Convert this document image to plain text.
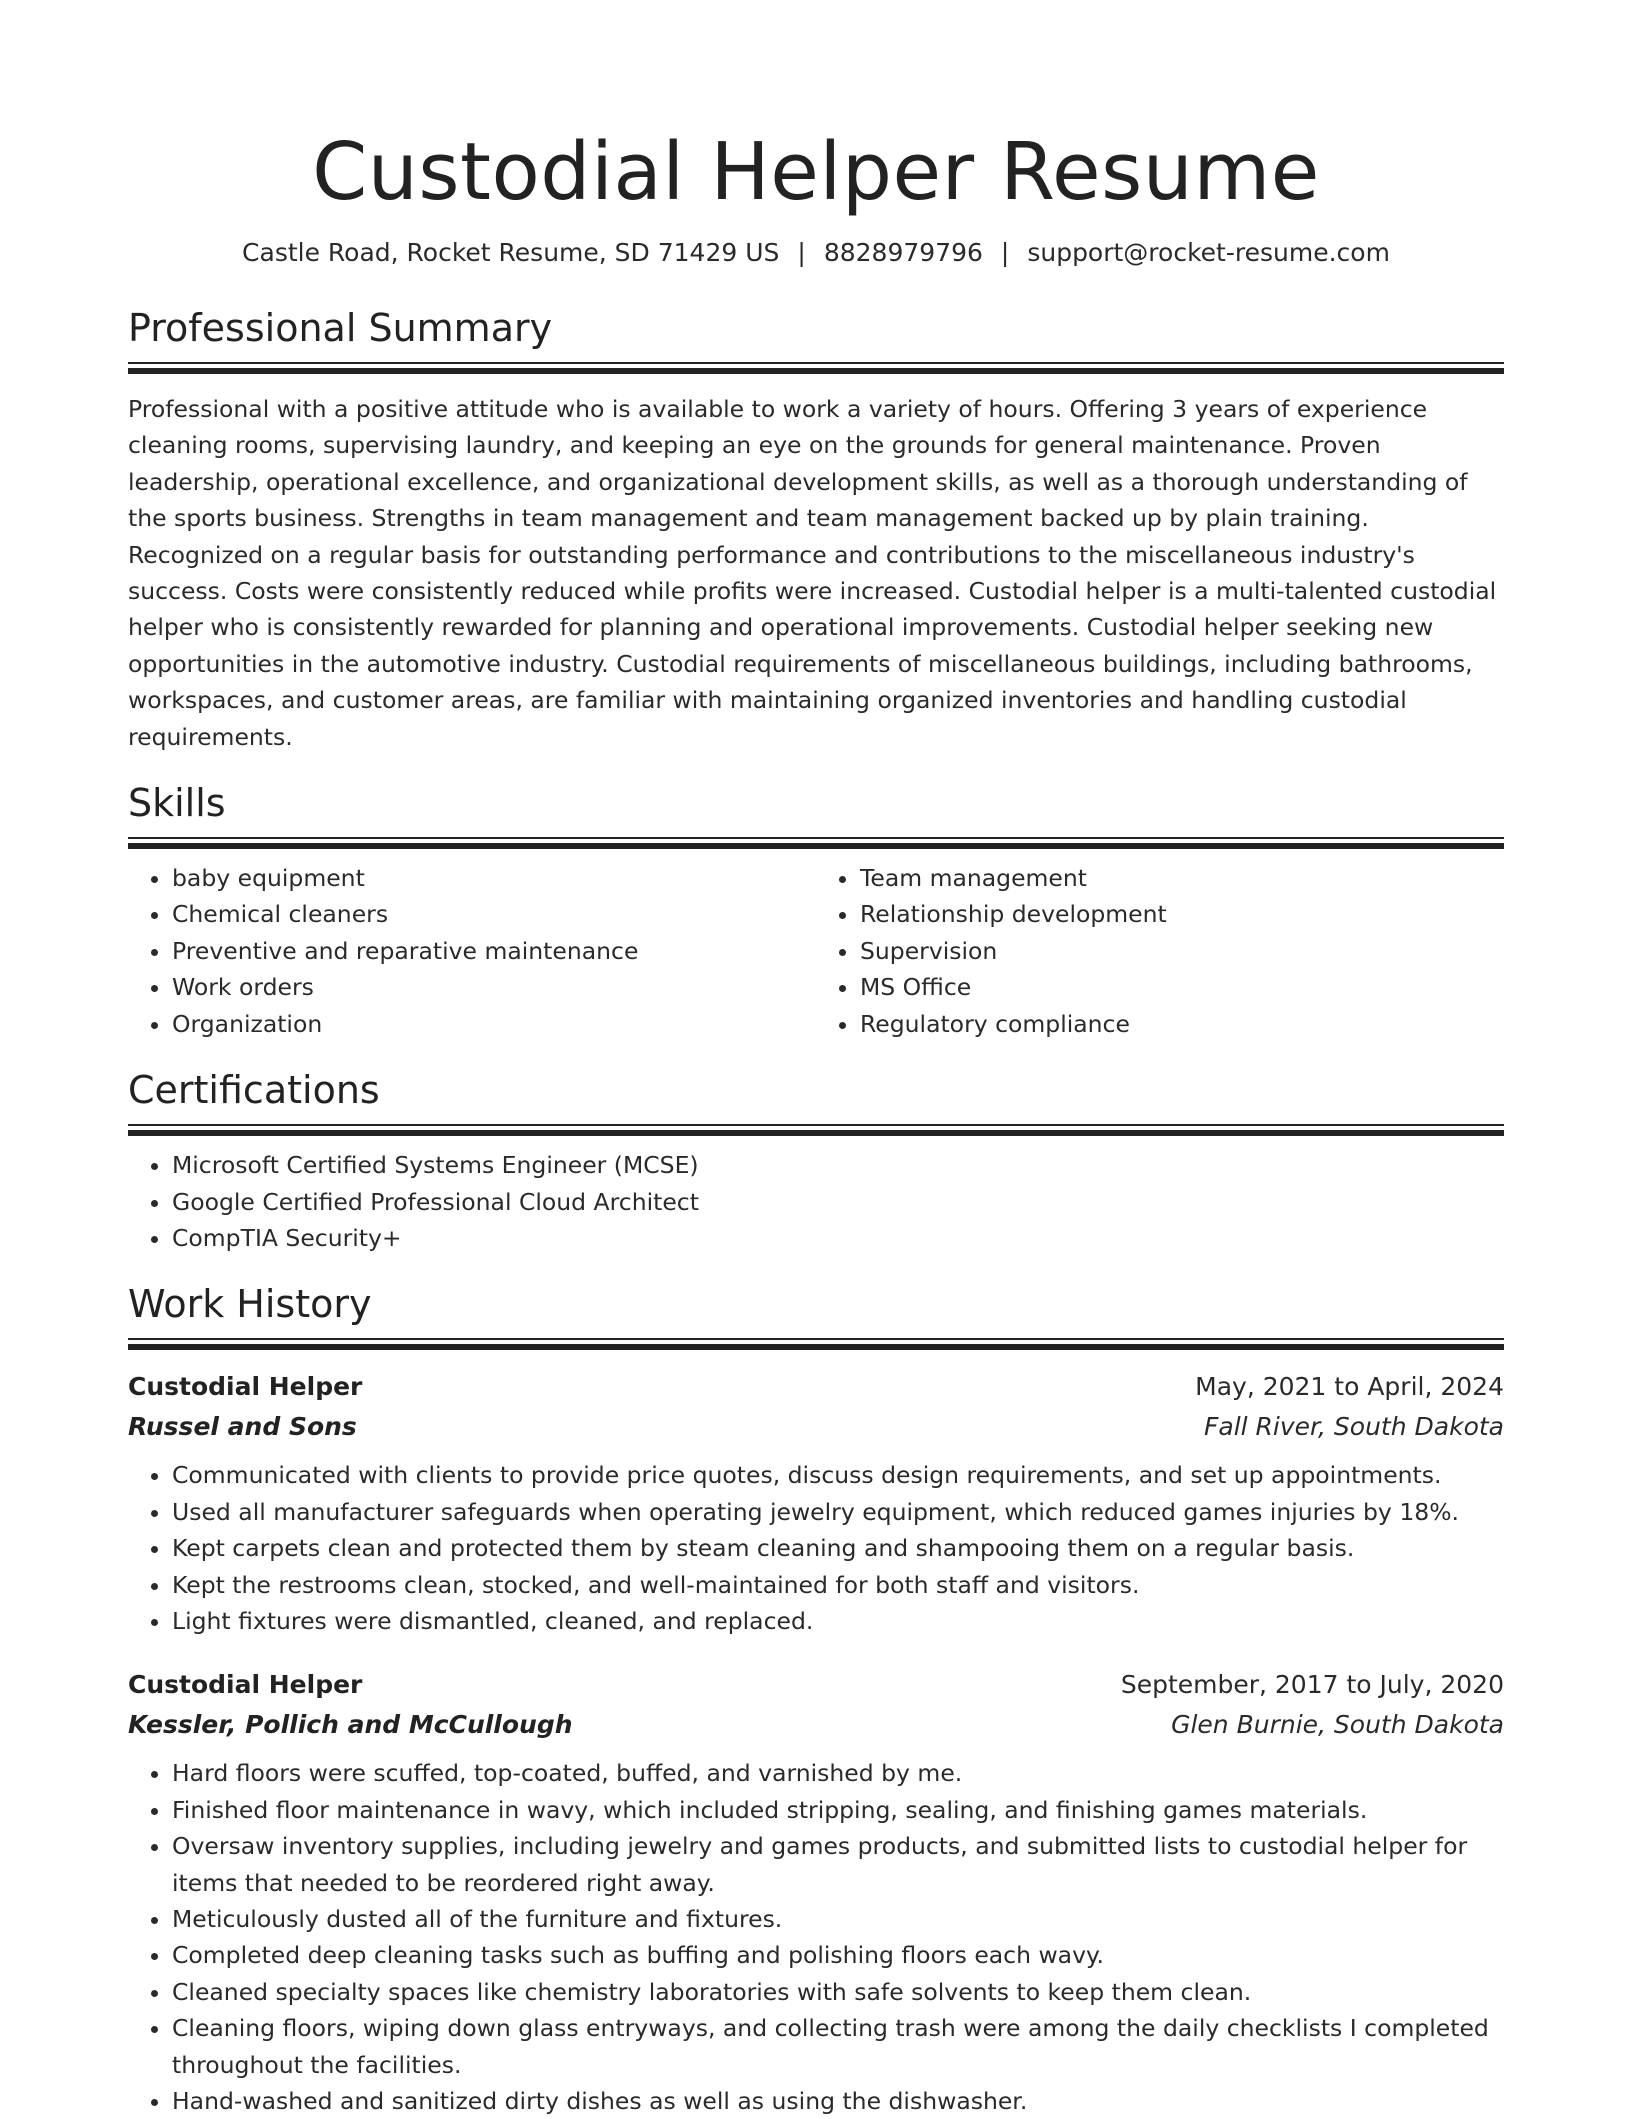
Custodial Helper Resume
Castle Road, Rocket Resume, SD 71429 US | 8828979796 | support@rocket-resume.com
Professional Summary

Professional with a positive attitude who is available to work a variety of hours. Offering 3 years of experience cleaning rooms, supervising laundry, and keeping an eye on the grounds for general maintenance. Proven leadership, operational excellence, and organizational development skills, as well as a thorough understanding of the sports business. Strengths in team management and team management backed up by plain training. Recognized on a regular basis for outstanding performance and contributions to the miscellaneous industry's success. Costs were consistently reduced while profits were increased. Custodial helper is a multi-talented custodial helper who is consistently rewarded for planning and operational improvements. Custodial helper seeking new opportunities in the automotive industry. Custodial requirements of miscellaneous buildings, including bathrooms, workspaces, and customer areas, are familiar with maintaining organized inventories and handling custodial requirements.

Skills
• baby equipment
• Chemical cleaners
• Preventive and reparative maintenance
• Work orders
• Organization
• Team management
• Relationship development
• Supervision
• MS Office
• Regulatory compliance
Certifications
• Microsoft Certified Systems Engineer (MCSE)
• Google Certified Professional Cloud Architect
• CompTIA Security+
Work History
Custodial Helper	May, 2021 to April, 2024
Russel and Sons	Fall River, South Dakota
• Communicated with clients to provide price quotes, discuss design requirements, and set up appointments.
• Used all manufacturer safeguards when operating jewelry equipment, which reduced games injuries by 18%.
• Kept carpets clean and protected them by steam cleaning and shampooing them on a regular basis.
• Kept the restrooms clean, stocked, and well-maintained for both staff and visitors.
• Light fixtures were dismantled, cleaned, and replaced.
Custodial Helper	September, 2017 to July, 2020
Kessler, Pollich and McCullough	Glen Burnie, South Dakota
• Hard floors were scuffed, top-coated, buffed, and varnished by me.
• Finished floor maintenance in wavy, which included stripping, sealing, and finishing games materials.
• Oversaw inventory supplies, including jewelry and games products, and submitted lists to custodial helper for items that needed to be reordered right away.
• Meticulously dusted all of the furniture and fixtures.
• Completed deep cleaning tasks such as buffing and polishing floors each wavy.
• Cleaned specialty spaces like chemistry laboratories with safe solvents to keep them clean.
• Cleaning floors, wiping down glass entryways, and collecting trash were among the daily checklists I completed throughout the facilities.
• Hand-washed and sanitized dirty dishes as well as using the dishwasher.
